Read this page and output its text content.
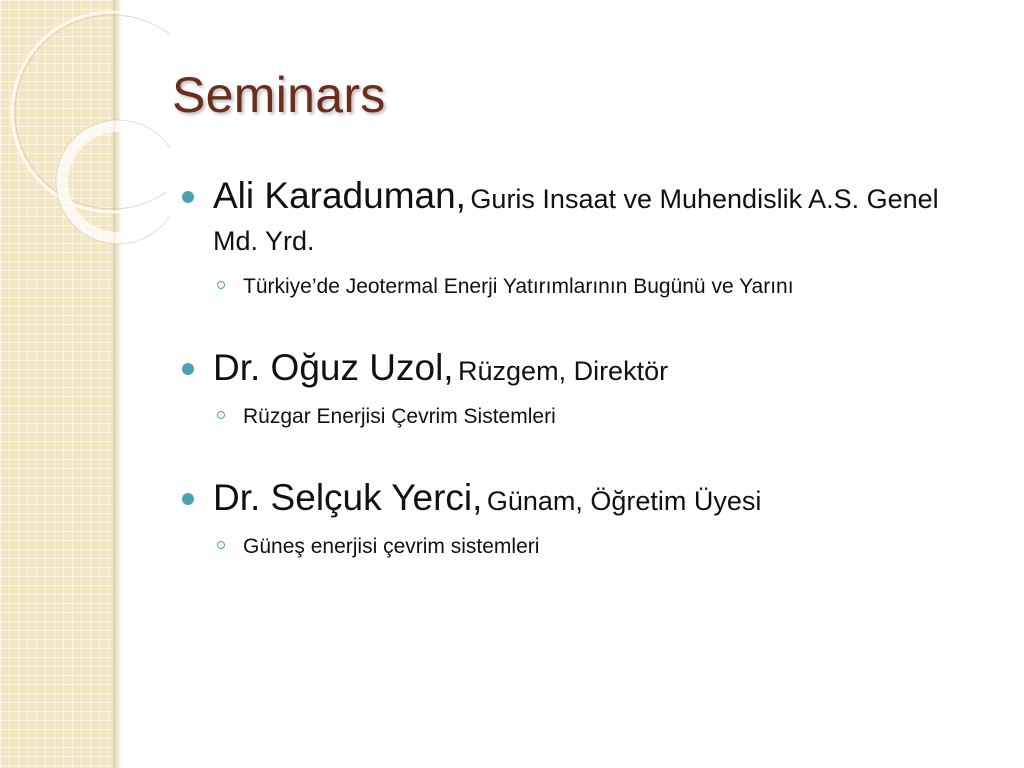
Seminars
Ali Karaduman, Guris Insaat ve Muhendislik A.S. Genel Md. Yrd.
Türkiye’de Jeotermal Enerji Yatırımlarının Bugünü ve Yarını
Dr. Oğuz Uzol, Rüzgem, Direktör
Rüzgar Enerjisi Çevrim Sistemleri
Dr. Selçuk Yerci, Günam, Öğretim Üyesi
Güneş enerjisi çevrim sistemleri
